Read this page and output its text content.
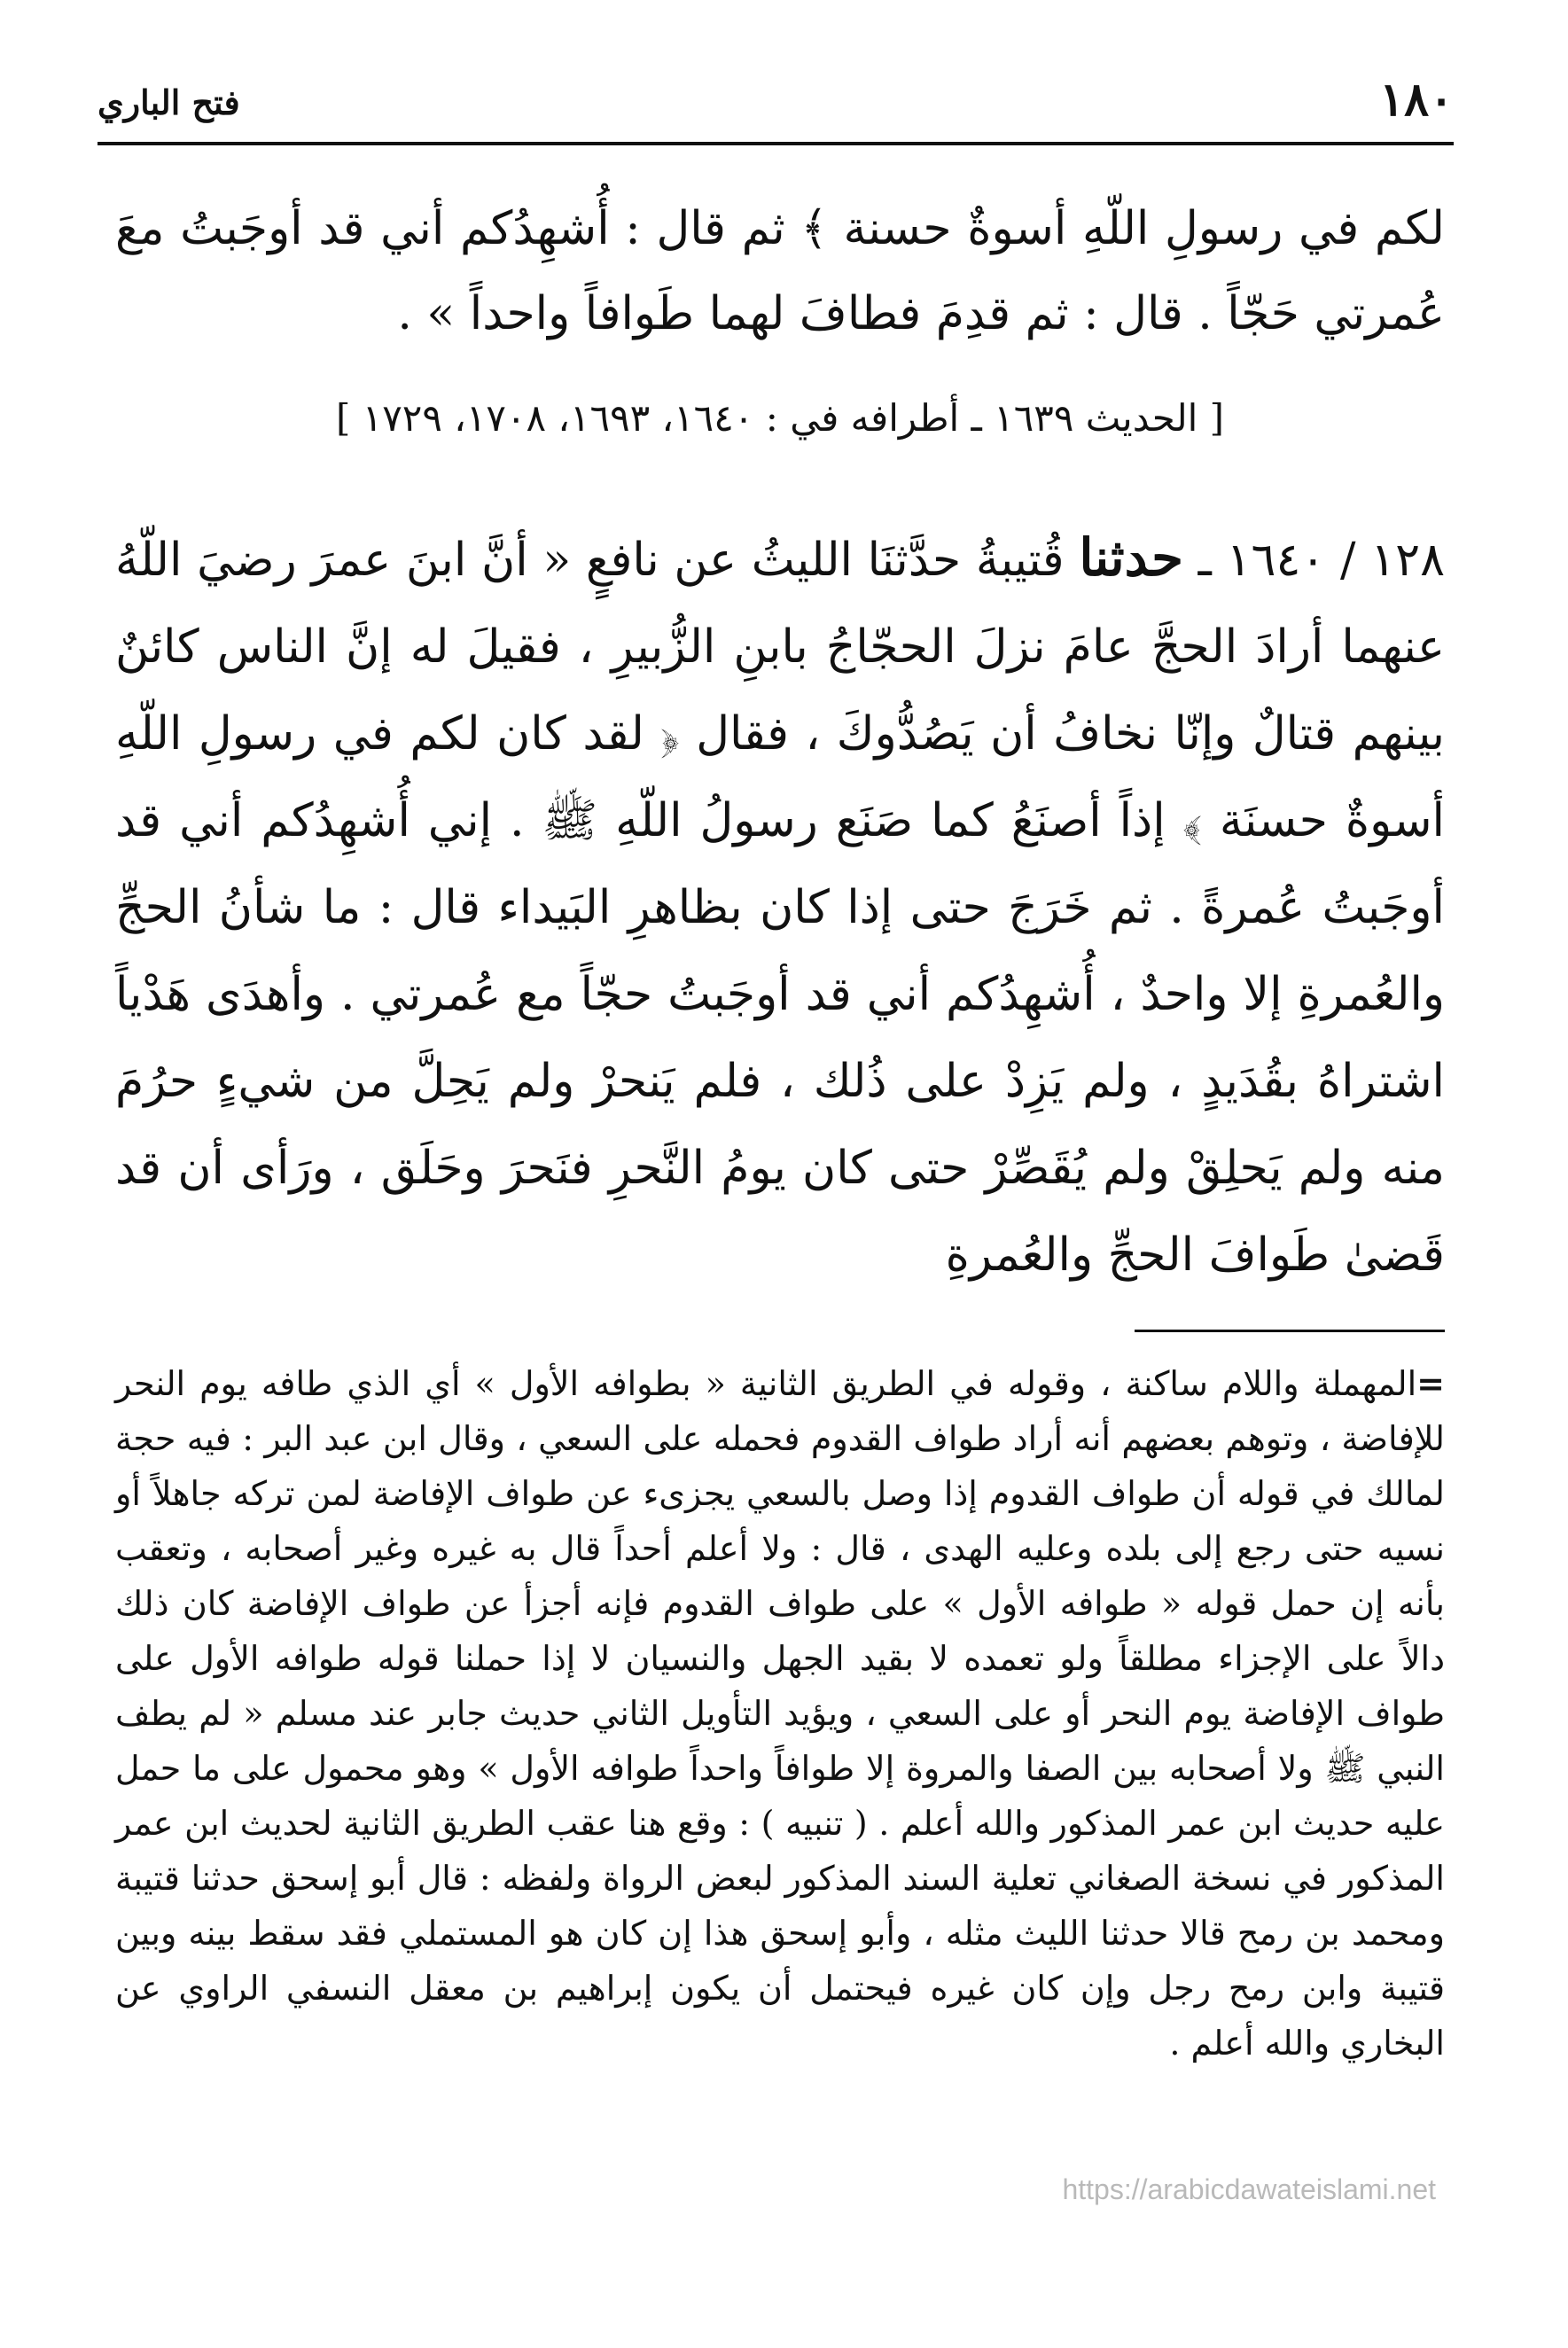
١٨٠
فتح الباري

لكم في رسولِ اللّهِ أسوةٌ حسنة ﴾ ثم قال : أُشهِدُكم أني قد أوجَبتُ معَ عُمرتي حَجّاً . قال : ثم قدِمَ فطافَ لهما طَوافاً واحداً » .

[ الحديث ١٦٣٩ ـ أطرافه في : ١٦٤٠، ١٦٩٣، ١٧٠٨، ١٧٢٩ ]

١٢٨ / ١٦٤٠ ـ حدثنا قُتيبةُ حدَّثنَا الليثُ عن نافعٍ « أنَّ ابنَ عمرَ رضيَ اللّهُ عنهما أرادَ الحجَّ عامَ نزلَ الحجّاجُ بابنِ الزُّبيرِ ، فقيلَ له إنَّ الناس كائنٌ بينهم قتالٌ وإنّا نخافُ أن يَصُدُّوكَ ، فقال ﴿ لقد كان لكم في رسولِ اللّهِ أسوةٌ حسنَة ﴾ إذاً أصنَعُ كما صَنَع رسولُ اللّهِ ﷺ . إني أُشهِدُكم أني قد أوجَبتُ عُمرةً . ثم خَرَجَ حتى إذا كان بظاهرِ البَيداء قال : ما شأنُ الحجِّ والعُمرةِ إلا واحدٌ ، أُشهِدُكم أني قد أوجَبتُ حجّاً مع عُمرتي . وأهدَى هَدْياً اشتراهُ بقُدَيدٍ ، ولم يَزِدْ على ذُلك ، فلم يَنحرْ ولم يَحِلَّ من شيءٍ حرُمَ منه ولم يَحلِقْ ولم يُقَصِّرْ حتى كان يومُ النَّحرِ فنَحرَ وحَلَق ، ورَأى أن قد قَضىٰ طَوافَ الحجِّ والعُمرةِ

=المهملة واللام ساكنة ، وقوله في الطريق الثانية « بطوافه الأول » أي الذي طافه يوم النحر للإفاضة ، وتوهم بعضهم أنه أراد طواف القدوم فحمله على السعي ، وقال ابن عبد البر : فيه حجة لمالك في قوله أن طواف القدوم إذا وصل بالسعي يجزىء عن طواف الإفاضة لمن تركه جاهلاً أو نسيه حتى رجع إلى بلده وعليه الهدى ، قال : ولا أعلم أحداً قال به غيره وغير أصحابه ، وتعقب بأنه إن حمل قوله « طوافه الأول » على طواف القدوم فإنه أجزأ عن طواف الإفاضة كان ذلك دالاً على الإجزاء مطلقاً ولو تعمده لا بقيد الجهل والنسيان لا إذا حملنا قوله طوافه الأول على طواف الإفاضة يوم النحر أو على السعي ، ويؤيد التأويل الثاني حديث جابر عند مسلم « لم يطف النبي ﷺ ولا أصحابه بين الصفا والمروة إلا طوافاً واحداً طوافه الأول » وهو محمول على ما حمل عليه حديث ابن عمر المذكور والله أعلم . ( تنبيه ) : وقع هنا عقب الطريق الثانية لحديث ابن عمر المذكور في نسخة الصغاني تعلية السند المذكور لبعض الرواة ولفظه : قال أبو إسحق حدثنا قتيبة ومحمد بن رمح قالا حدثنا الليث مثله ، وأبو إسحق هذا إن كان هو المستملي فقد سقط بينه وبين قتيبة وابن رمح رجل وإن كان غيره فيحتمل أن يكون إبراهيم بن معقل النسفي الراوي عن البخاري والله أعلم .

https://arabicdawateislami.net
